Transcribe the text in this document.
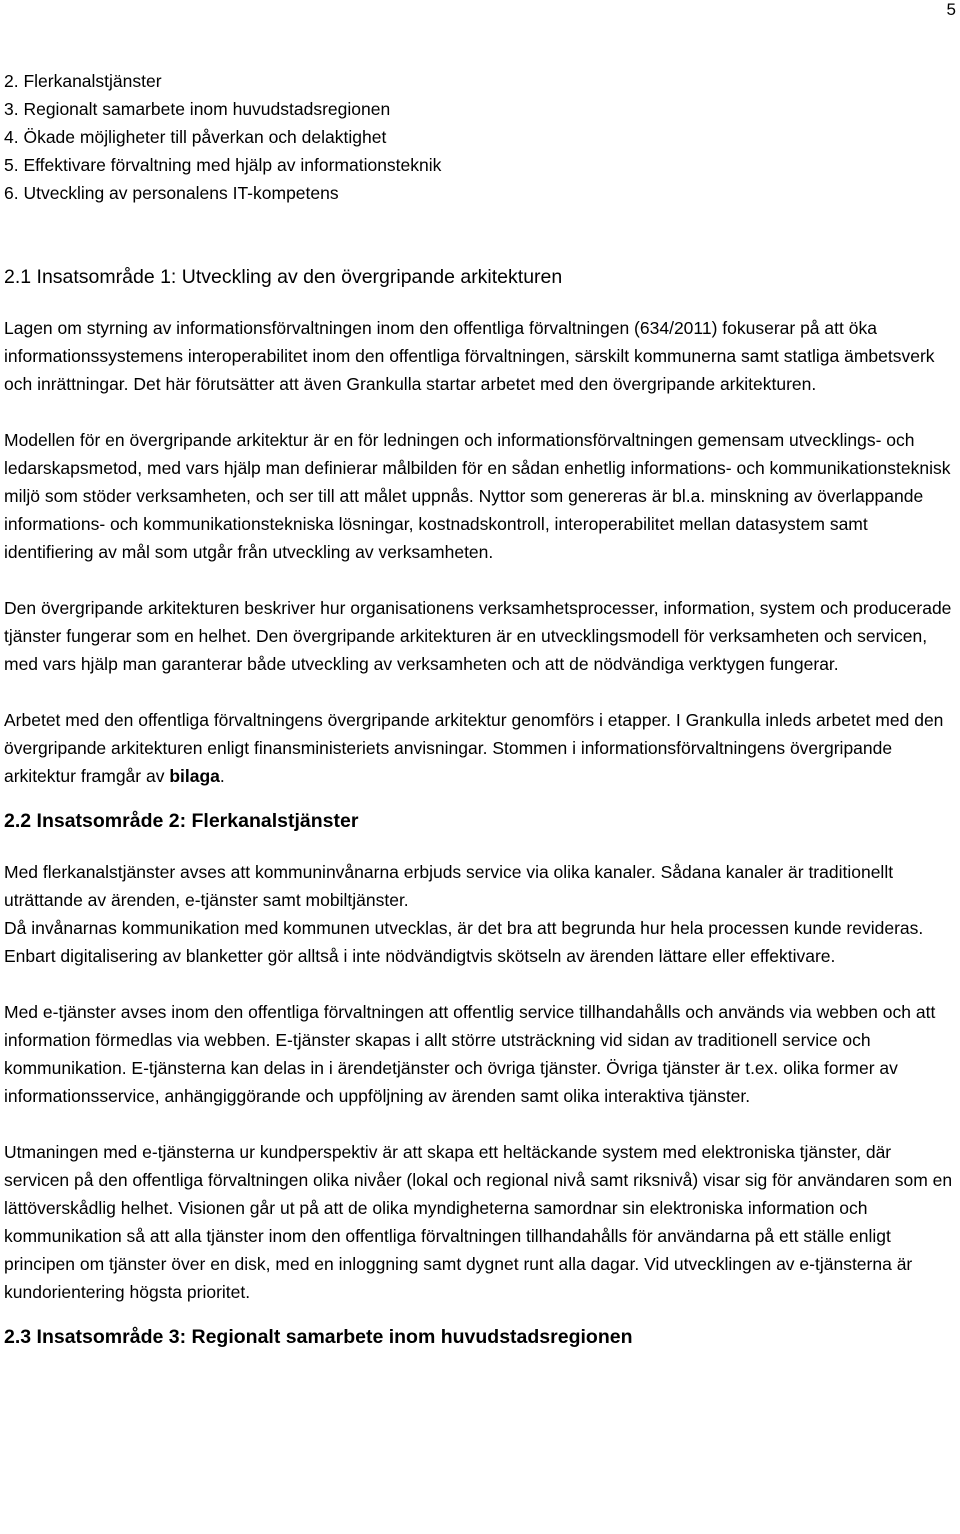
5
2. Flerkanalstjänster
3. Regionalt samarbete inom huvudstadsregionen
4. Ökade möjligheter till påverkan och delaktighet
5. Effektivare förvaltning med hjälp av informationsteknik
6. Utveckling av personalens IT-kompetens
2.1 Insatsområde 1: Utveckling av den övergripande arkitekturen

Lagen om styrning av informationsförvaltningen inom den offentliga förvaltningen (634/2011) fokuserar på att öka informationssystemens interoperabilitet inom den offentliga förvaltningen, särskilt kommunerna samt statliga ämbetsverk och inrättningar. Det här förutsätter att även Grankulla startar arbetet med den övergripande arkitekturen.

Modellen för en övergripande arkitektur är en för ledningen och informationsförvaltningen gemensam utvecklings- och ledarskapsmetod, med vars hjälp man definierar målbilden för en sådan enhetlig informations- och kommunikationsteknisk miljö som stöder verksamheten, och ser till att målet uppnås. Nyttor som genereras är bl.a. minskning av överlappande informations- och kommunikationstekniska lösningar, kostnadskontroll, interoperabilitet mellan datasystem samt identifiering av mål som utgår från utveckling av verksamheten.

Den övergripande arkitekturen beskriver hur organisationens verksamhetsprocesser, information, system och producerade tjänster fungerar som en helhet. Den övergripande arkitekturen är en utvecklingsmodell för verksamheten och servicen, med vars hjälp man garanterar både utveckling av verksamheten och att de nödvändiga verktygen fungerar.

Arbetet med den offentliga förvaltningens övergripande arkitektur genomförs i etapper. I Grankulla inleds arbetet med den övergripande arkitekturen enligt finansministeriets anvisningar. Stommen i informationsförvaltningens övergripande arkitektur framgår av bilaga.

2.2 Insatsområde 2: Flerkanalstjänster

Med flerkanalstjänster avses att kommuninvånarna erbjuds service via olika kanaler. Sådana kanaler är traditionellt uträttande av ärenden, e-tjänster samt mobiltjänster.

Då invånarnas kommunikation med kommunen utvecklas, är det bra att begrunda hur hela processen kunde revideras. Enbart digitalisering av blanketter gör alltså i inte nödvändigtvis skötseln av ärenden lättare eller effektivare.

Med e-tjänster avses inom den offentliga förvaltningen att offentlig service tillhandahålls och används via webben och att information förmedlas via webben. E-tjänster skapas i allt större utsträckning vid sidan av traditionell service och kommunikation. E-tjänsterna kan delas in i ärendetjänster och övriga tjänster. Övriga tjänster är t.ex. olika former av informationsservice, anhängiggörande och uppföljning av ärenden samt olika interaktiva tjänster.

Utmaningen med e-tjänsterna ur kundperspektiv är att skapa ett heltäckande system med elektroniska tjänster, där servicen på den offentliga förvaltningen olika nivåer (lokal och regional nivå samt riksnivå) visar sig för användaren som en lättöverskådlig helhet. Visionen går ut på att de olika myndigheterna samordnar sin elektroniska information och kommunikation så att alla tjänster inom den offentliga förvaltningen tillhandahålls för användarna på ett ställe enligt principen om tjänster över en disk, med en inloggning samt dygnet runt alla dagar. Vid utvecklingen av e-tjänsterna är kundorientering högsta prioritet.

2.3 Insatsområde 3: Regionalt samarbete inom huvudstadsregionen
